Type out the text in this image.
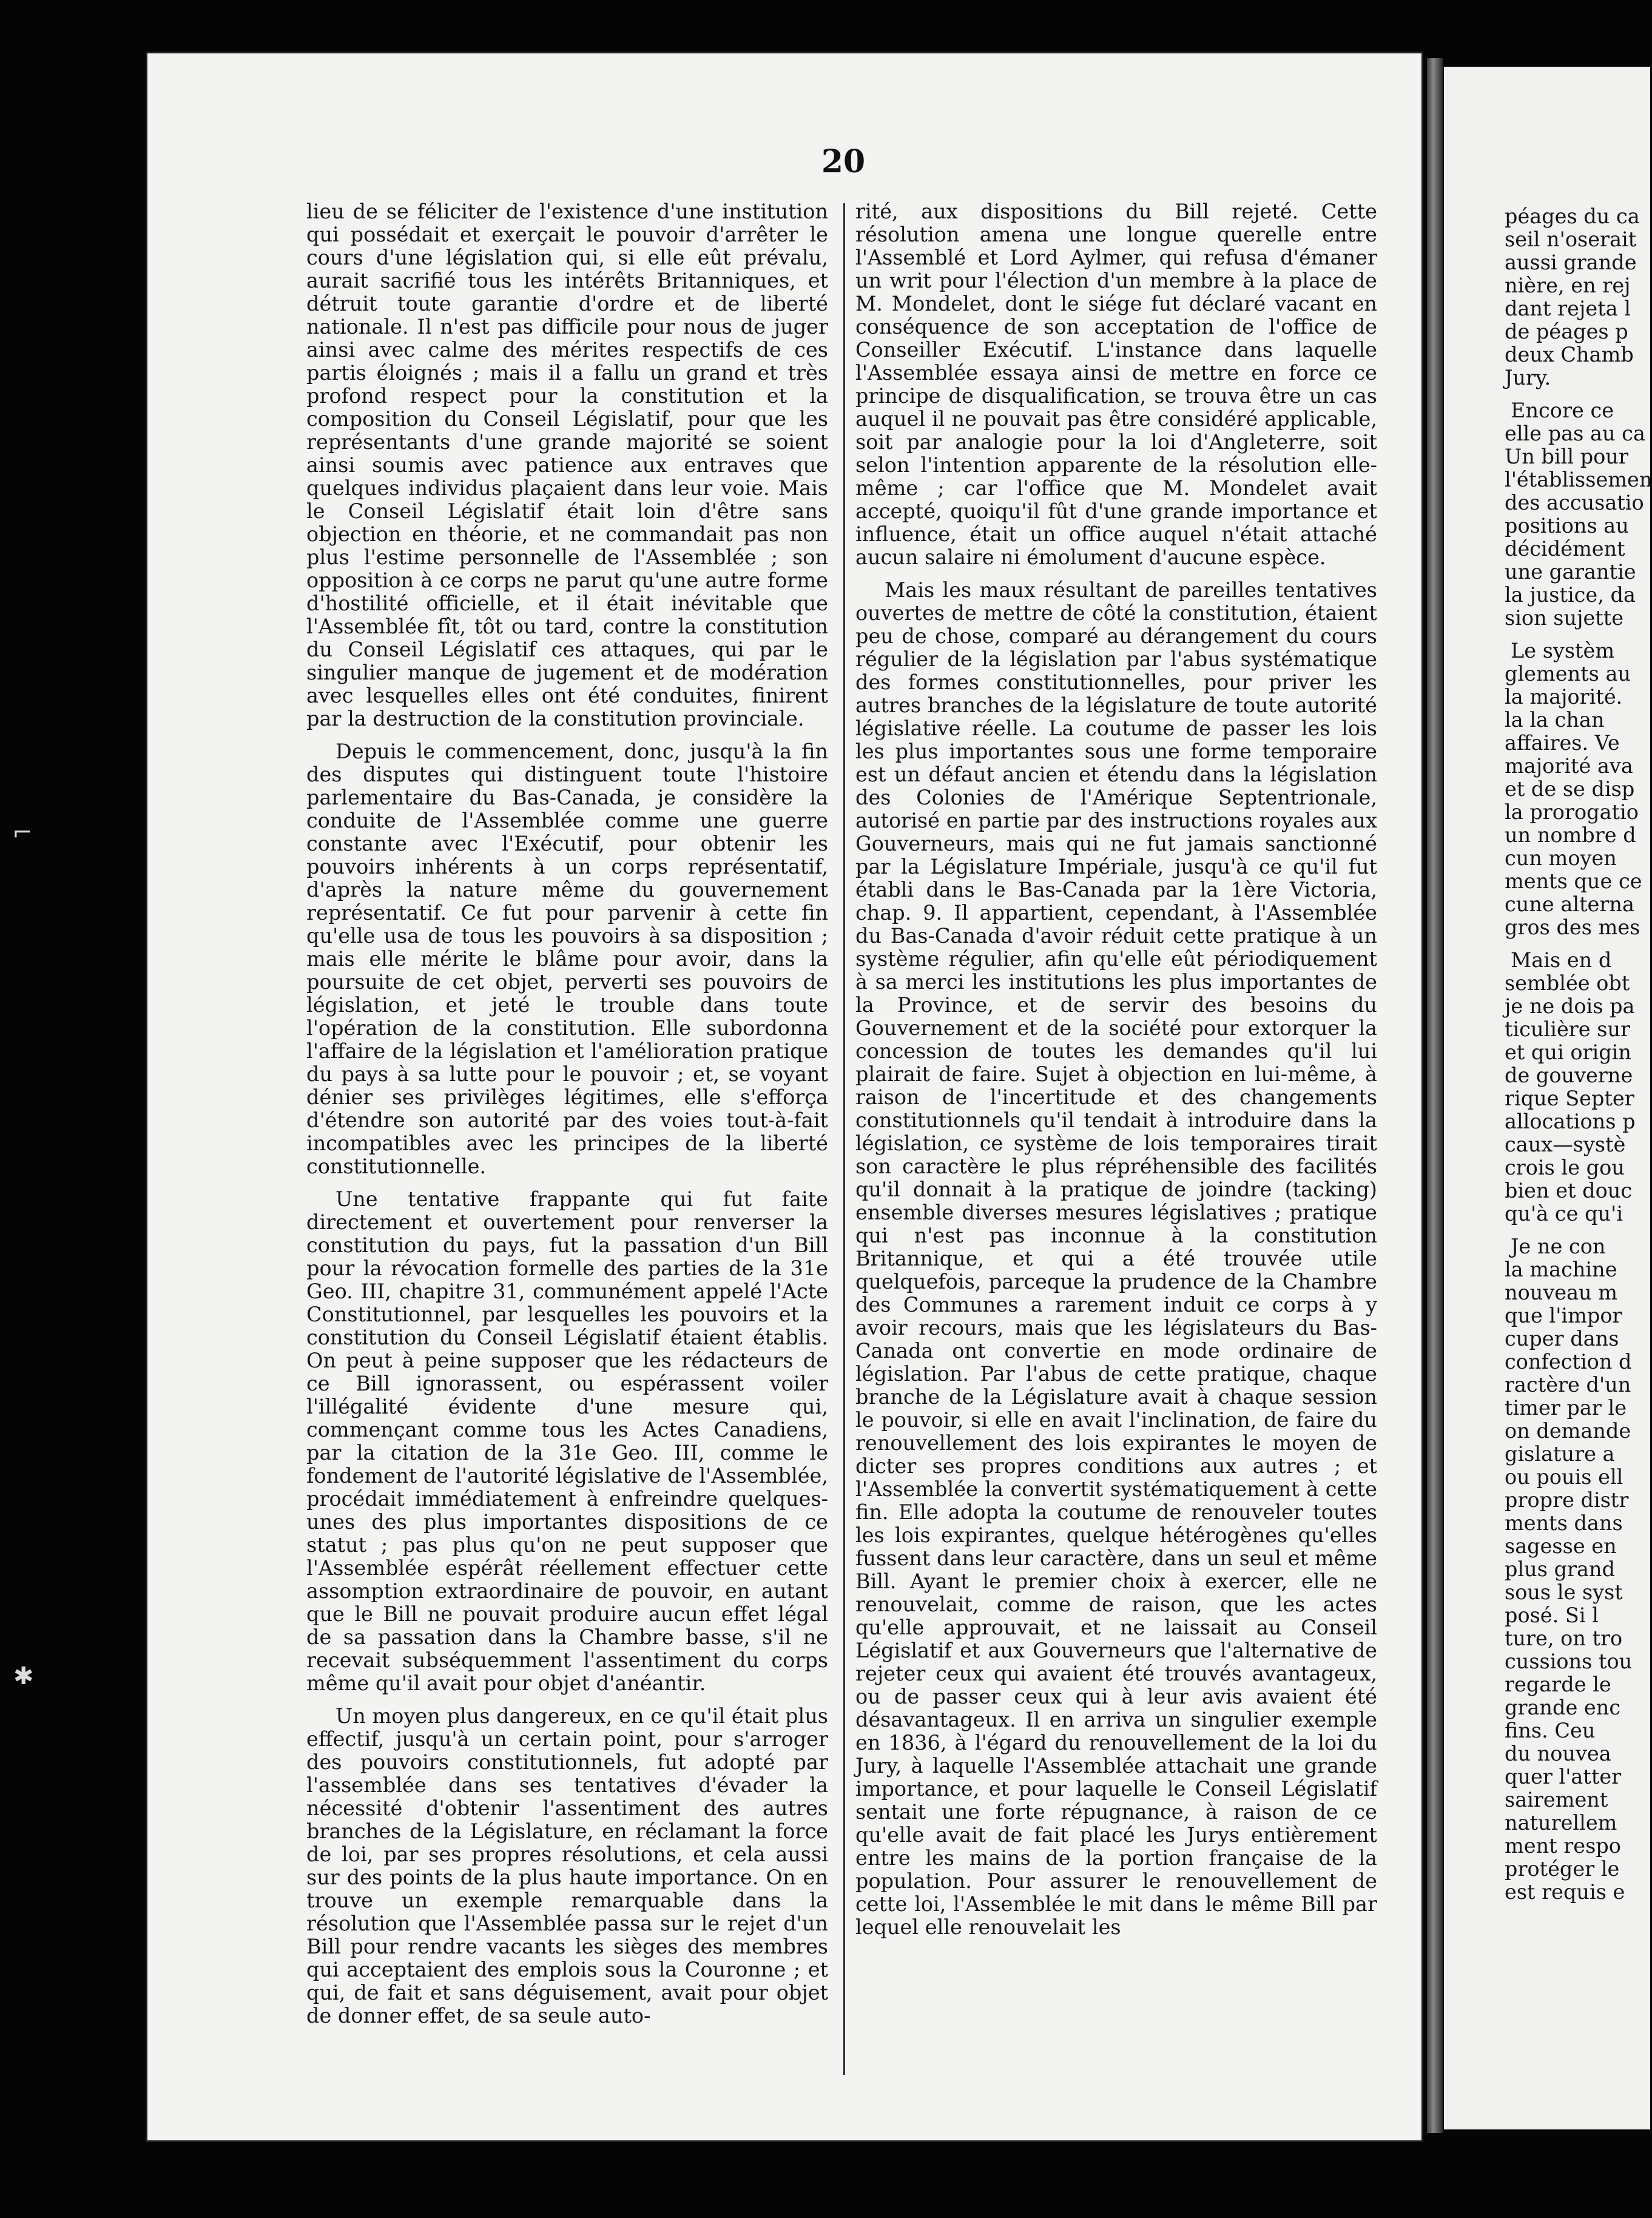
péages du ca
seil n'oserait
aussi grande
nière, en rej
dant rejeta l
de péages p
deux Chamb
Jury.
Encore ce
elle pas au ca
Un bill pour
l'établissemen
des accusatio
positions au
décidément
une garantie
la justice, da
sion sujette
Le systèm
glements au
la majorité.
la la chan
affaires. Ve
majorité ava
et de se disp
la prorogatio
un nombre d
cun moyen
ments que ce
cune alterna
gros des mes
Mais en d
semblée obt
je ne dois pa
ticulière sur
et qui origin
de gouverne
rique Septer
allocations p
caux—systè
crois le gou
bien et douc
qu'à ce qu'i
Je ne con
la machine
nouveau m
que l'impor
cuper dans
confection d
ractère d'un
timer par le
on demande
gislature a
ou pouis ell
propre distr
ments dans
sagesse en
plus grand
sous le syst
posé. Si l
ture, on tro
cussions tou
regarde le
grande enc
fins. Ceu
du nouvea
quer l'atter
sairement
naturellem
ment respo
protéger le
est requis e
20

lieu de se féliciter de l'existence d'une institution qui possédait et exerçait le pouvoir d'arrêter le cours d'une législation qui, si elle eût prévalu, aurait sacrifié tous les intérêts Britanniques, et détruit toute garantie d'ordre et de liberté nationale. Il n'est pas difficile pour nous de juger ainsi avec calme des mérites respectifs de ces partis éloignés ; mais il a fallu un grand et très profond respect pour la constitution et la composition du Conseil Législatif, pour que les représentants d'une grande majorité se soient ainsi soumis avec patience aux entraves que quelques individus plaçaient dans leur voie. Mais le Conseil Législatif était loin d'être sans objection en théorie, et ne commandait pas non plus l'estime personnelle de l'Assemblée ; son opposition à ce corps ne parut qu'une autre forme d'hostilité officielle, et il était inévitable que l'Assemblée fît, tôt ou tard, contre la constitution du Conseil Législatif ces attaques, qui par le singulier manque de jugement et de modération avec lesquelles elles ont été conduites, finirent par la destruction de la constitution provinciale.

Depuis le commencement, donc, jusqu'à la fin des disputes qui distinguent toute l'histoire parlementaire du Bas-Canada, je considère la conduite de l'Assemblée comme une guerre constante avec l'Exécutif, pour obtenir les pouvoirs inhérents à un corps représentatif, d'après la nature même du gouvernement représentatif. Ce fut pour parvenir à cette fin qu'elle usa de tous les pouvoirs à sa disposition ; mais elle mérite le blâme pour avoir, dans la poursuite de cet objet, perverti ses pouvoirs de législation, et jeté le trouble dans toute l'opération de la constitution. Elle subordonna l'affaire de la législation et l'amélioration pratique du pays à sa lutte pour le pouvoir ; et, se voyant dénier ses privilèges légitimes, elle s'efforça d'étendre son autorité par des voies tout-à-fait incompatibles avec les principes de la liberté constitutionnelle.

Une tentative frappante qui fut faite directement et ouvertement pour renverser la constitution du pays, fut la passation d'un Bill pour la révocation formelle des parties de la 31e Geo. III, chapitre 31, communément appelé l'Acte Constitutionnel, par lesquelles les pouvoirs et la constitution du Conseil Législatif étaient établis. On peut à peine supposer que les rédacteurs de ce Bill ignorassent, ou espérassent voiler l'illégalité évidente d'une mesure qui, commençant comme tous les Actes Canadiens, par la citation de la 31e Geo. III, comme le fondement de l'autorité législative de l'Assemblée, procédait immédiatement à enfreindre quelques-unes des plus importantes dispositions de ce statut ; pas plus qu'on ne peut supposer que l'Assemblée espérât réellement effectuer cette assomption extraordinaire de pouvoir, en autant que le Bill ne pouvait produire aucun effet légal de sa passation dans la Chambre basse, s'il ne recevait subséquemment l'assentiment du corps même qu'il avait pour objet d'anéantir.

Un moyen plus dangereux, en ce qu'il était plus effectif, jusqu'à un certain point, pour s'arroger des pouvoirs constitutionnels, fut adopté par l'assemblée dans ses tentatives d'évader la nécessité d'obtenir l'assentiment des autres branches de la Législature, en réclamant la force de loi, par ses propres résolutions, et cela aussi sur des points de la plus haute importance. On en trouve un exemple remarquable dans la résolution que l'Assemblée passa sur le rejet d'un Bill pour rendre vacants les sièges des membres qui acceptaient des emplois sous la Couronne ; et qui, de fait et sans déguisement, avait pour objet de donner effet, de sa seule auto-

rité, aux dispositions du Bill rejeté. Cette résolution amena une longue querelle entre l'Assemblé et Lord Aylmer, qui refusa d'émaner un writ pour l'élection d'un membre à la place de M. Mondelet, dont le siége fut déclaré vacant en conséquence de son acceptation de l'office de Conseiller Exécutif. L'instance dans laquelle l'Assemblée essaya ainsi de mettre en force ce principe de disqualification, se trouva être un cas auquel il ne pouvait pas être considéré applicable, soit par analogie pour la loi d'Angleterre, soit selon l'intention apparente de la résolution elle-même ; car l'office que M. Mondelet avait accepté, quoiqu'il fût d'une grande importance et influence, était un office auquel n'était attaché aucun salaire ni émolument d'aucune espèce.

Mais les maux résultant de pareilles tentatives ouvertes de mettre de côté la constitution, étaient peu de chose, comparé au dérangement du cours régulier de la législation par l'abus systématique des formes constitutionnelles, pour priver les autres branches de la législature de toute autorité législative réelle. La coutume de passer les lois les plus importantes sous une forme temporaire est un défaut ancien et étendu dans la législation des Colonies de l'Amérique Septentrionale, autorisé en partie par des instructions royales aux Gouverneurs, mais qui ne fut jamais sanctionné par la Législature Impériale, jusqu'à ce qu'il fut établi dans le Bas-Canada par la 1ère Victoria, chap. 9. Il appartient, cependant, à l'Assemblée du Bas-Canada d'avoir réduit cette pratique à un système régulier, afin qu'elle eût périodiquement à sa merci les institutions les plus importantes de la Province, et de servir des besoins du Gouvernement et de la société pour extorquer la concession de toutes les demandes qu'il lui plairait de faire. Sujet à objection en lui-même, à raison de l'incertitude et des changements constitutionnels qu'il tendait à introduire dans la législation, ce système de lois temporaires tirait son caractère le plus répréhensible des facilités qu'il donnait à la pratique de joindre (tacking) ensemble diverses mesures législatives ; pratique qui n'est pas inconnue à la constitution Britannique, et qui a été trouvée utile quelquefois, parceque la prudence de la Chambre des Communes a rarement induit ce corps à y avoir recours, mais que les législateurs du Bas-Canada ont convertie en mode ordinaire de législation. Par l'abus de cette pratique, chaque branche de la Législature avait à chaque session le pouvoir, si elle en avait l'inclination, de faire du renouvellement des lois expirantes le moyen de dicter ses propres conditions aux autres ; et l'Assemblée la convertit systématiquement à cette fin. Elle adopta la coutume de renouveler toutes les lois expirantes, quelque hétérogènes qu'elles fussent dans leur caractère, dans un seul et même Bill. Ayant le premier choix à exercer, elle ne renouvelait, comme de raison, que les actes qu'elle approuvait, et ne laissait au Conseil Législatif et aux Gouverneurs que l'alternative de rejeter ceux qui avaient été trouvés avantageux, ou de passer ceux qui à leur avis avaient été désavantageux. Il en arriva un singulier exemple en 1836, à l'égard du renouvellement de la loi du Jury, à laquelle l'Assemblée attachait une grande importance, et pour laquelle le Conseil Législatif sentait une forte répugnance, à raison de ce qu'elle avait de fait placé les Jurys entièrement entre les mains de la portion française de la population. Pour assurer le renouvellement de cette loi, l'Assemblée le mit dans le même Bill par lequel elle renouvelait les

⌐
✱
